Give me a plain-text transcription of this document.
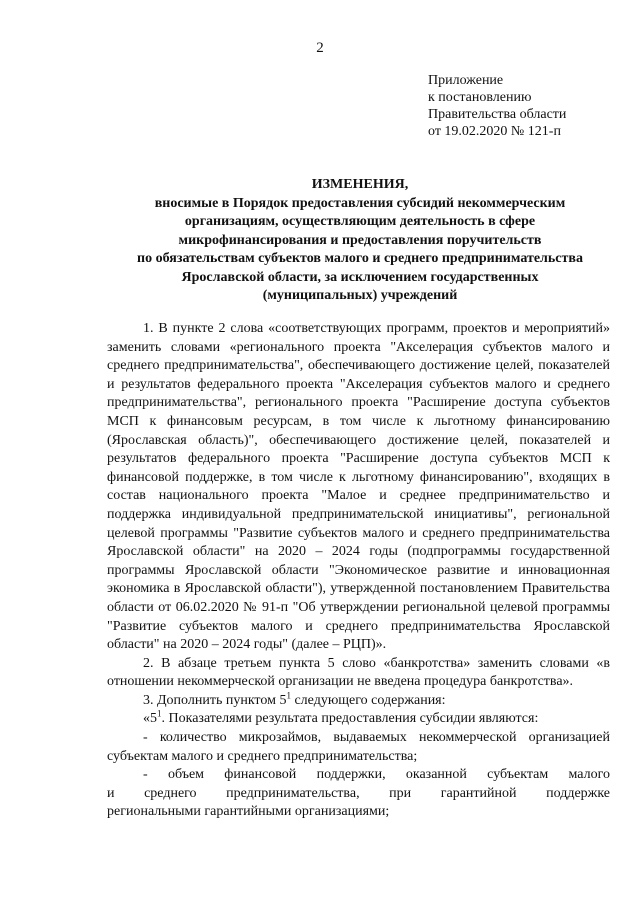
2
Приложение
к постановлению
Правительства области
от 19.02.2020 № 121-п
ИЗМЕНЕНИЯ,
вносимые в Порядок предоставления субсидий некоммерческим
организациям, осуществляющим деятельность в сфере
микрофинансирования и предоставления поручительств
по обязательствам субъектов малого и среднего предпринимательства
Ярославской области, за исключением государственных
(муниципальных) учреждений

1. В пункте 2 слова «соответствующих программ, проектов и мероприятий» заменить словами «регионального проекта "Акселерация субъектов малого и среднего предпринимательства", обеспечивающего достижение целей, показателей и результатов федерального проекта "Акселерация субъектов малого и среднего предпринимательства", регионального проекта "Расширение доступа субъектов МСП к финансовым ресурсам, в том числе к льготному финансированию (Ярославская область)", обеспечивающего достижение целей, показателей и результатов федерального проекта "Расширение доступа субъектов МСП к финансовой поддержке, в том числе к льготному финансированию", входящих в состав национального проекта "Малое и среднее предпринимательство и поддержка индивидуальной предпринимательской инициативы", региональной целевой программы "Развитие субъектов малого и среднего предпринимательства Ярославской области" на 2020 – 2024 годы (подпрограммы государственной программы Ярославской области "Экономическое развитие и инновационная экономика в Ярославской области"), утвержденной постановлением Правительства области от 06.02.2020 № 91-п "Об утверждении региональной целевой программы "Развитие субъектов малого и среднего предпринимательства Ярославской области" на 2020 – 2024 годы" (далее – РЦП)».

2. В абзаце третьем пункта 5 слово «банкротства» заменить словами «в отношении некоммерческой организации не введена процедура банкротства».

3. Дополнить пунктом $5^1$ следующего содержания:

«$5^1$. Показателями результата предоставления субсидии являются:

- количество микрозаймов, выдаваемых некоммерческой организацией субъектам малого и среднего предпринимательства;

- объем финансовой поддержки, оказанной субъектам малого

и среднего предпринимательства, при гарантийной поддержке

региональными гарантийными организациями;
